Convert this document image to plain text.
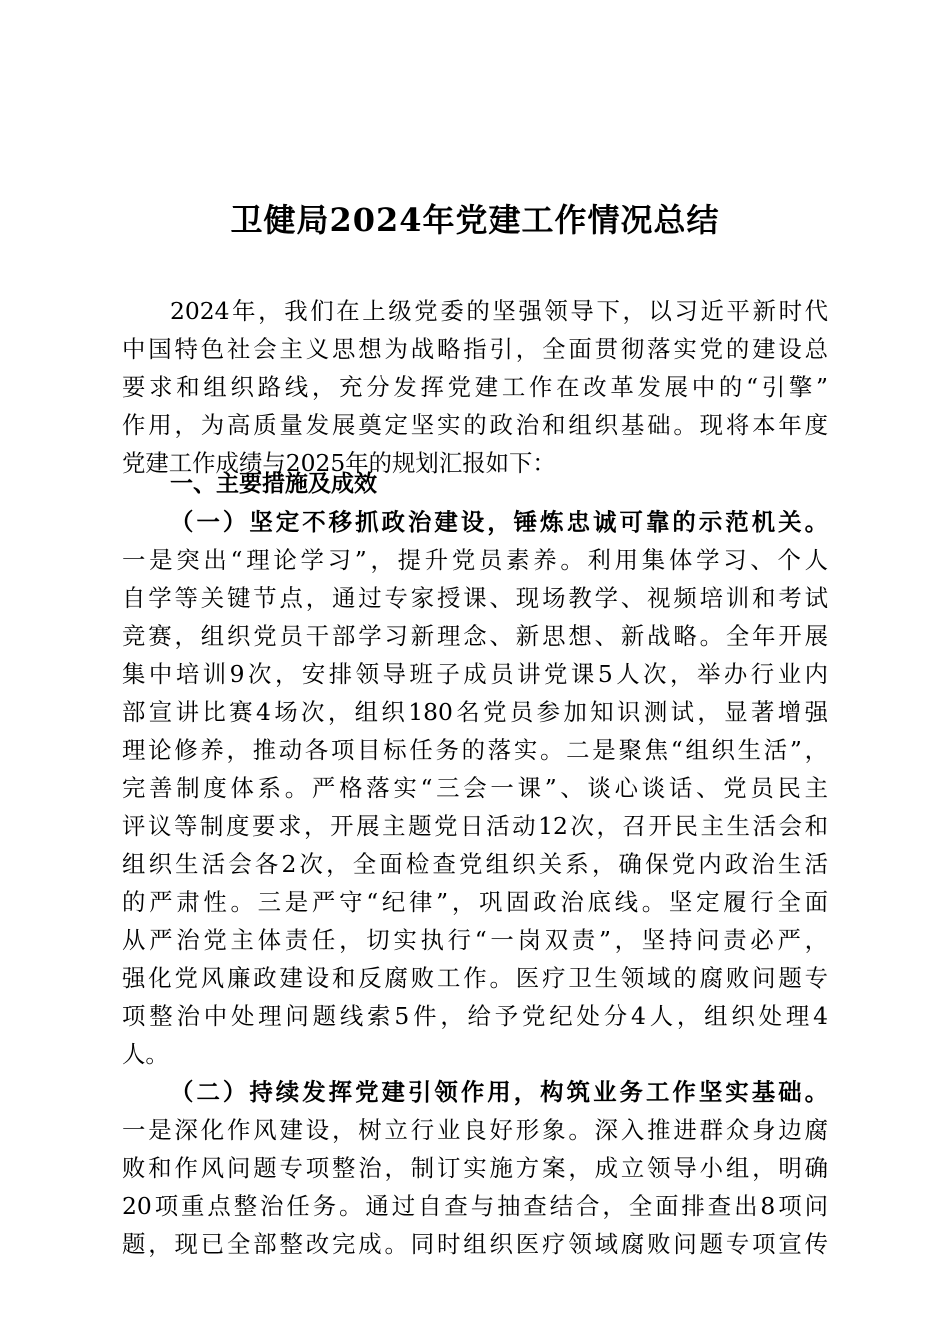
卫健局2024年党建工作情况总结
2024年，我们在上级党委的坚强领导下，以习近平新时代
中国特色社会主义思想为战略指引，全面贯彻落实党的建设总
要求和组织路线，充分发挥党建工作在改革发展中的“引擎”
作用，为高质量发展奠定坚实的政治和组织基础。现将本年度
党建工作成绩与2025年的规划汇报如下：
一、主要措施及成效
（一）坚定不移抓政治建设，锤炼忠诚可靠的示范机关。
一是突出“理论学习”，提升党员素养。利用集体学习、个人
自学等关键节点，通过专家授课、现场教学、视频培训和考试
竞赛，组织党员干部学习新理念、新思想、新战略。全年开展
集中培训9次，安排领导班子成员讲党课5人次，举办行业内
部宣讲比赛4场次，组织180名党员参加知识测试，显著增强
理论修养，推动各项目标任务的落实。二是聚焦“组织生活”，
完善制度体系。严格落实“三会一课”、谈心谈话、党员民主
评议等制度要求，开展主题党日活动12次，召开民主生活会和
组织生活会各2次，全面检查党组织关系，确保党内政治生活
的严肃性。三是严守“纪律”，巩固政治底线。坚定履行全面
从严治党主体责任，切实执行“一岗双责”，坚持问责必严，
强化党风廉政建设和反腐败工作。医疗卫生领域的腐败问题专
项整治中处理问题线索5件，给予党纪处分4人，组织处理4
人。
（二）持续发挥党建引领作用，构筑业务工作坚实基础。
一是深化作风建设，树立行业良好形象。深入推进群众身边腐
败和作风问题专项整治，制订实施方案，成立领导小组，明确
20项重点整治任务。通过自查与抽查结合，全面排查出8项问
题，现已全部整改完成。同时组织医疗领域腐败问题专项宣传
